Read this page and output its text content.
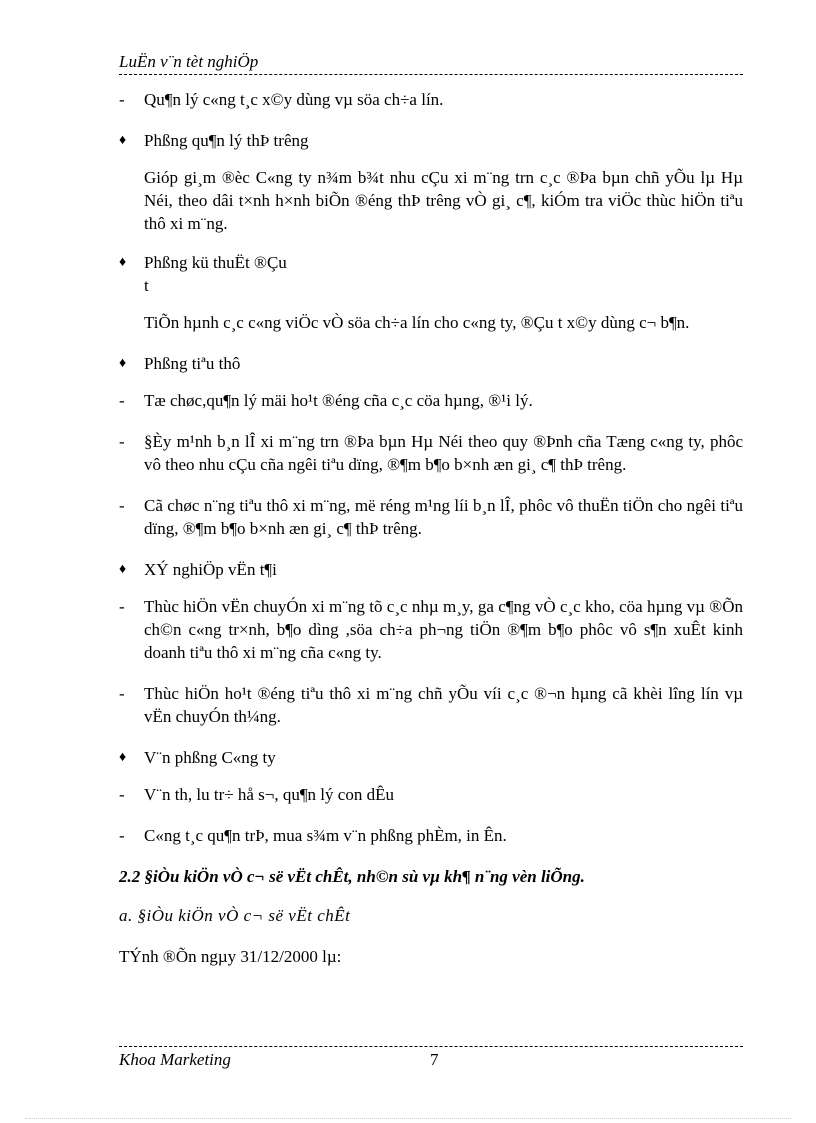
LuËn v¨n tèt nghiÖp
-	Qu¶n lý c«ng t¸c x©y dùng vµ söa ch÷a lín.
♦	Phßng qu¶n lý thÞ trêng
Gióp gi¸m ®èc C«ng ty n¾m b¾t nhu cÇu xi m¨ng trn c¸c ®Þa bµn chñ yÕu lµ Hµ Néi, theo dâi t×nh h×nh biÕn ®éng thÞ trêng vÒ gi¸ c¶, kiÓm tra viÖc thùc hiÖn tiªu thô xi m¨ng.
♦	Phßng kü thuËt ®Çu t
TiÕn hµnh c¸c c«ng viÖc vÒ söa ch÷a lín cho c«ng ty, ®Çu t x©y dùng c¬ b¶n.
♦	Phßng tiªu thô
-	Tæ chøc,qu¶n lý mäi ho¹t ®éng cña c¸c cöa hµng, ®¹i lý.
-	§Èy m¹nh b¸n lÎ xi m¨ng trn ®Þa bµn Hµ Néi theo quy ®Þnh cña Tæng c«ng ty, phôc vô theo nhu cÇu cña ngêi tiªu dïng, ®¶m b¶o b×nh æn gi¸ c¶ thÞ trêng.
-	Cã chøc n¨ng tiªu thô xi m¨ng, më réng m¹ng líi b¸n lÎ, phôc vô thuËn tiÖn cho ngêi tiªu dïng, ®¶m b¶o b×nh æn gi¸ c¶ thÞ trêng.
♦	XÝ nghiÖp vËn t¶i
-	Thùc hiÖn vËn chuyÓn xi m¨ng tõ c¸c nhµ m¸y, ga c¶ng vÒ c¸c kho, cöa hµng vµ ®Õn ch©n c«ng tr×nh, b¶o dìng ,söa ch÷a ph¬ng tiÖn ®¶m b¶o phôc vô s¶n xuÊt kinh doanh tiªu thô xi m¨ng cña c«ng ty.
-	Thùc hiÖn ho¹t ®éng tiªu thô xi m¨ng chñ yÕu víi c¸c ®¬n hµng cã khèi lîng lín vµ vËn chuyÓn th¼ng.
♦	V¨n phßng C«ng ty
-	V¨n th, lu tr÷ hå s¬, qu¶n lý con dÊu
-	C«ng t¸c qu¶n trÞ, mua s¾m v¨n phßng phÈm, in Ên.
2.2 §iÒu kiÖn vÒ c¬ së vËt chÊt, nh©n sù vµ kh¶ n¨ng vèn liÕng.
a. §iÒu kiÖn vÒ c¬ së vËt chÊt
TÝnh ®Õn ngµy 31/12/2000 lµ:
Khoa Marketing	7
